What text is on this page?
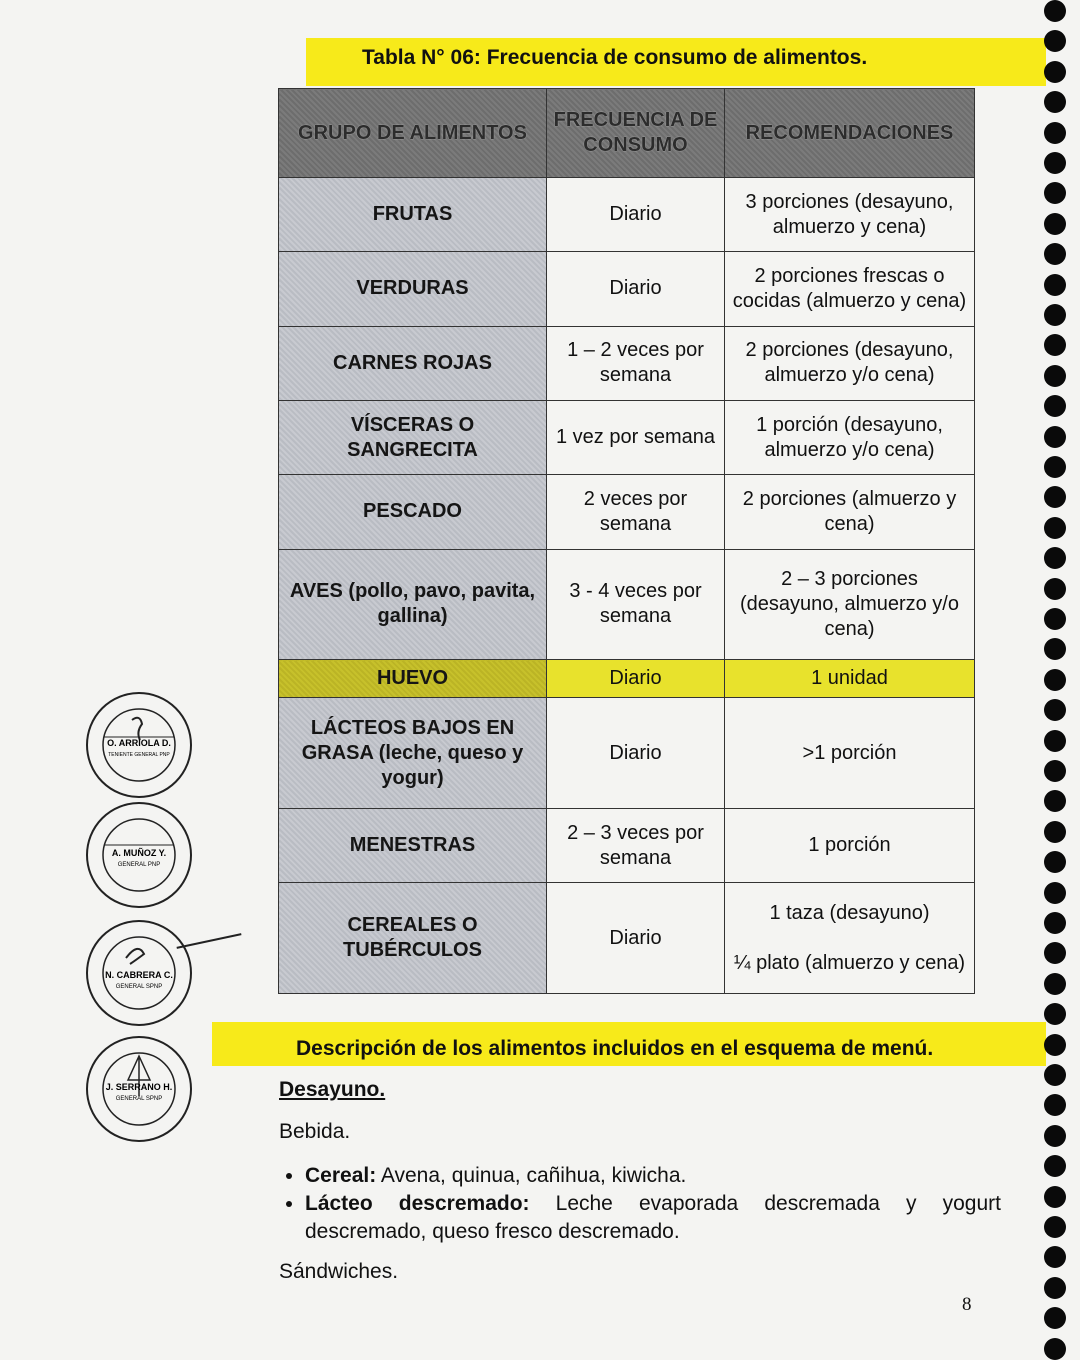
Tabla N° 06: Frecuencia de consumo de alimentos.
GRUPO DE ALIMENTOS	FRECUENCIA DE CONSUMO	RECOMENDACIONES
FRUTAS	Diario	3 porciones (desayuno, almuerzo y cena)
VERDURAS	Diario	2 porciones frescas o cocidas (almuerzo y cena)
CARNES ROJAS	1 – 2 veces por semana	2 porciones (desayuno, almuerzo y/o cena)
VÍSCERAS O SANGRECITA	1 vez por semana	1 porción (desayuno, almuerzo y/o cena)
PESCADO	2 veces por semana	2 porciones (almuerzo y cena)
AVES (pollo, pavo, pavita, gallina)	3 - 4 veces por semana	2 – 3 porciones (desayuno, almuerzo y/o cena)
HUEVO	Diario	1 unidad
LÁCTEOS BAJOS EN GRASA (leche, queso y yogur)	Diario	>1 porción
MENESTRAS	2 – 3 veces por semana	1 porción
CEREALES O TUBÉRCULOS	Diario	1 taza (desayuno)

¼ plato (almuerzo y cena)
Descripción de los alimentos incluidos en el esquema de menú.
Desayuno.
Bebida.
• Cereal: Avena, quinua, cañihua, kiwicha.
• Lácteo descremado: Leche evaporada descremada y yogurt descremado, queso fresco descremado.
Sándwiches.
8
O. ARRIOLA D.
TENIENTE GENERAL PNP
A. MUÑOZ Y.
GENERAL PNP
N. CABRERA C.
GENERAL SPNP
J. SERRANO H.
GENERAL SPNP
